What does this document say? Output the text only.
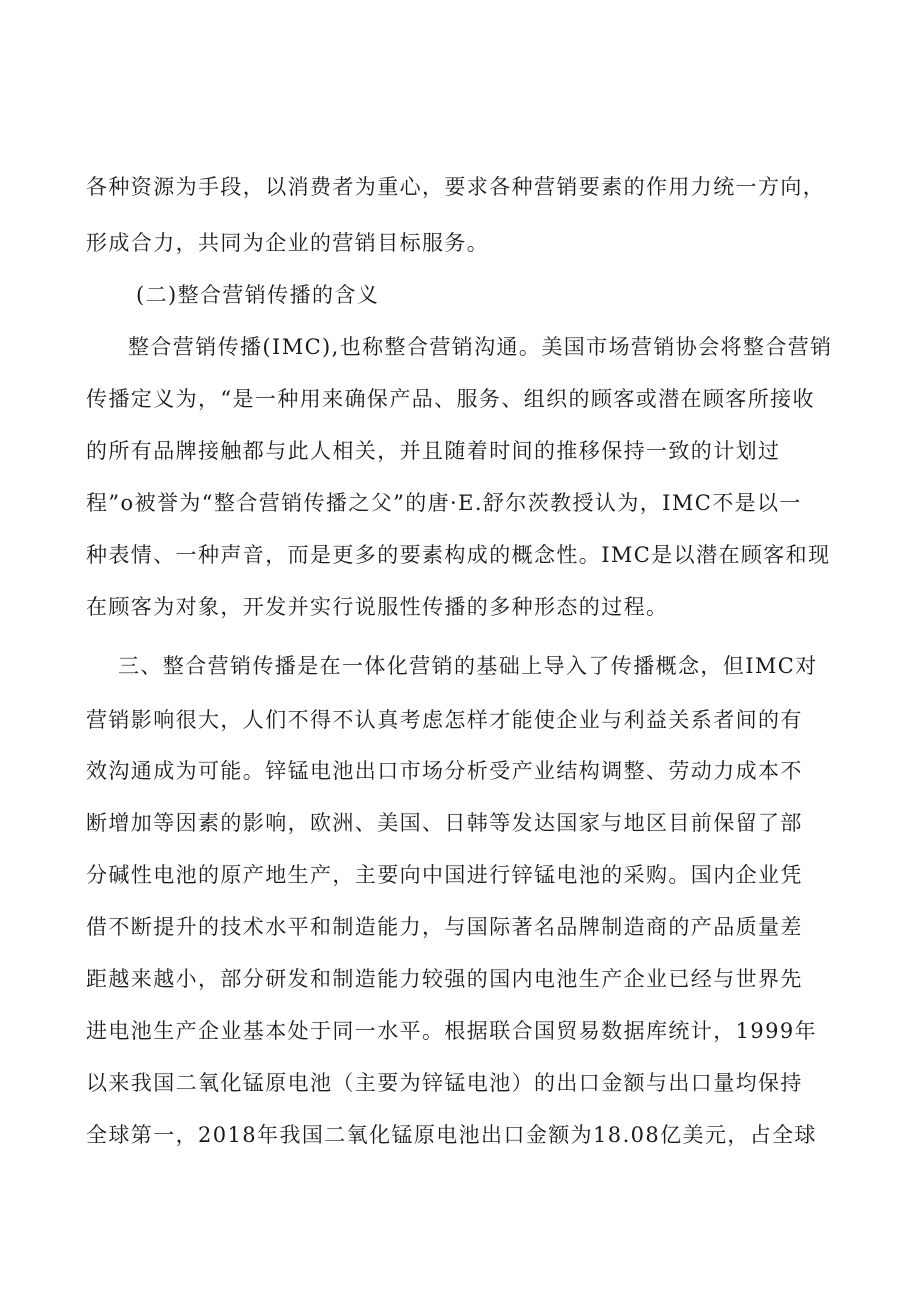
各种资源为手段，以消费者为重心，要求各种营销要素的作用力统一方向，
形成合力，共同为企业的营销目标服务。
(二)整合营销传播的含义
整合营销传播(IMC),也称整合营销沟通。美国市场营销协会将整合营销
传播定义为，“是一种用来确保产品、服务、组织的顾客或潜在顾客所接收
的所有品牌接触都与此人相关，并且随着时间的推移保持一致的计划过
程”o被誉为“整合营销传播之父”的唐·E.舒尔茨教授认为，IMC不是以一
种表情、一种声音，而是更多的要素构成的概念性。IMC是以潜在顾客和现
在顾客为对象，开发并实行说服性传播的多种形态的过程。
三、整合营销传播是在一体化营销的基础上导入了传播概念，但IMC对
营销影响很大，人们不得不认真考虑怎样才能使企业与利益关系者间的有
效沟通成为可能。锌锰电池出口市场分析受产业结构调整、劳动力成本不
断增加等因素的影响，欧洲、美国、日韩等发达国家与地区目前保留了部
分碱性电池的原产地生产，主要向中国进行锌锰电池的采购。国内企业凭
借不断提升的技术水平和制造能力，与国际著名品牌制造商的产品质量差
距越来越小，部分研发和制造能力较强的国内电池生产企业已经与世界先
进电池生产企业基本处于同一水平。根据联合国贸易数据库统计，1999年
以来我国二氧化锰原电池（主要为锌锰电池）的出口金额与出口量均保持
全球第一，2018年我国二氧化锰原电池出口金额为18.08亿美元，占全球
